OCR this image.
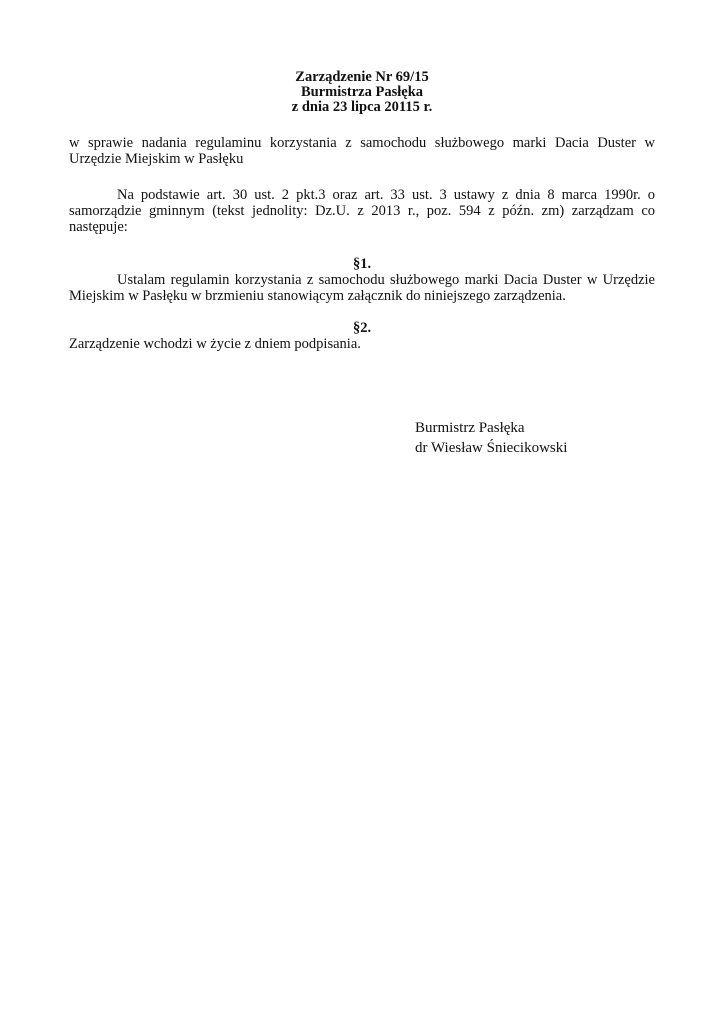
Zarządzenie Nr 69/15
Burmistrza Pasłęka
z dnia 23 lipca 20115 r.
w sprawie nadania regulaminu korzystania z samochodu służbowego marki Dacia Duster w Urzędzie Miejskim w Pasłęku
Na podstawie art. 30 ust. 2 pkt.3 oraz art. 33 ust. 3 ustawy z dnia 8 marca 1990r. o samorządzie gminnym (tekst jednolity: Dz.U. z 2013 r., poz. 594 z późn. zm) zarządzam co następuje:
§1.
Ustalam regulamin korzystania z samochodu służbowego marki Dacia Duster w Urzędzie Miejskim w Pasłęku w brzmieniu stanowiącym załącznik do niniejszego zarządzenia.
§2.
Zarządzenie wchodzi w życie z dniem podpisania.
Burmistrz Pasłęka
dr Wiesław Śniecikowski
